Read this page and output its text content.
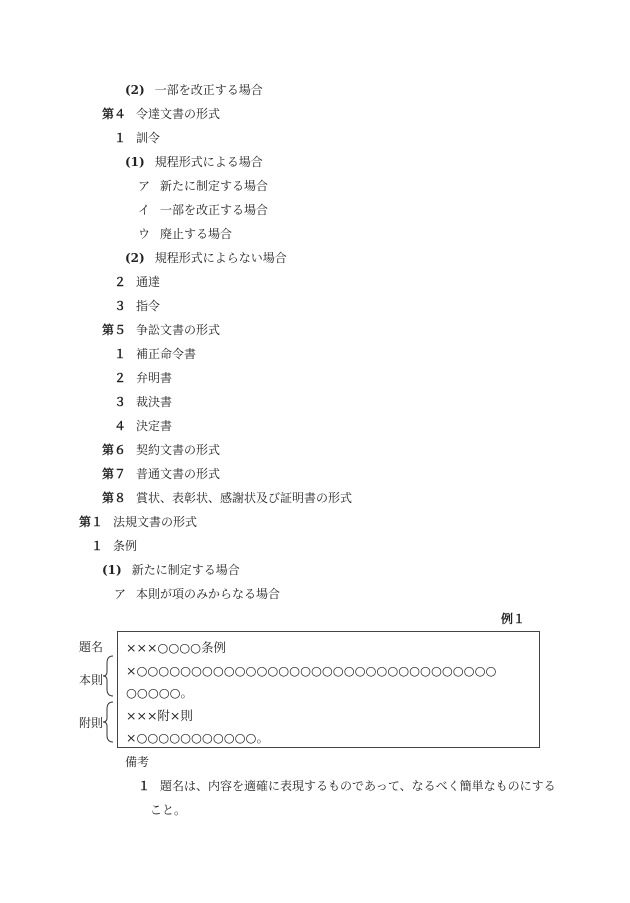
(2) 一部を改正する場合
第４ 令達文書の形式
１ 訓令
(1) 規程形式による場合
ア 新たに制定する場合
イ 一部を改正する場合
ウ 廃止する場合
(2) 規程形式によらない場合
２ 通達
３ 指令
第５ 争訟文書の形式
１ 補正命令書
２ 弁明書
３ 裁決書
４ 決定書
第６ 契約文書の形式
第７ 普通文書の形式
第８ 賞状、表彰状、感謝状及び証明書の形式
第１ 法規文書の形式
１ 条例
(1) 新たに制定する場合
ア 本則が項のみからなる場合
例１
題名
本則
附則
×××○○○○条例
×○○○○○○○○○○○○○○○○○○○○○○○○○○○○○○○○○
○○○○○。
×××附×則
×○○○○○○○○○○○。
備考
１ 題名は、内容を適確に表現するものであって、なるべく簡単なものにする
こと。
